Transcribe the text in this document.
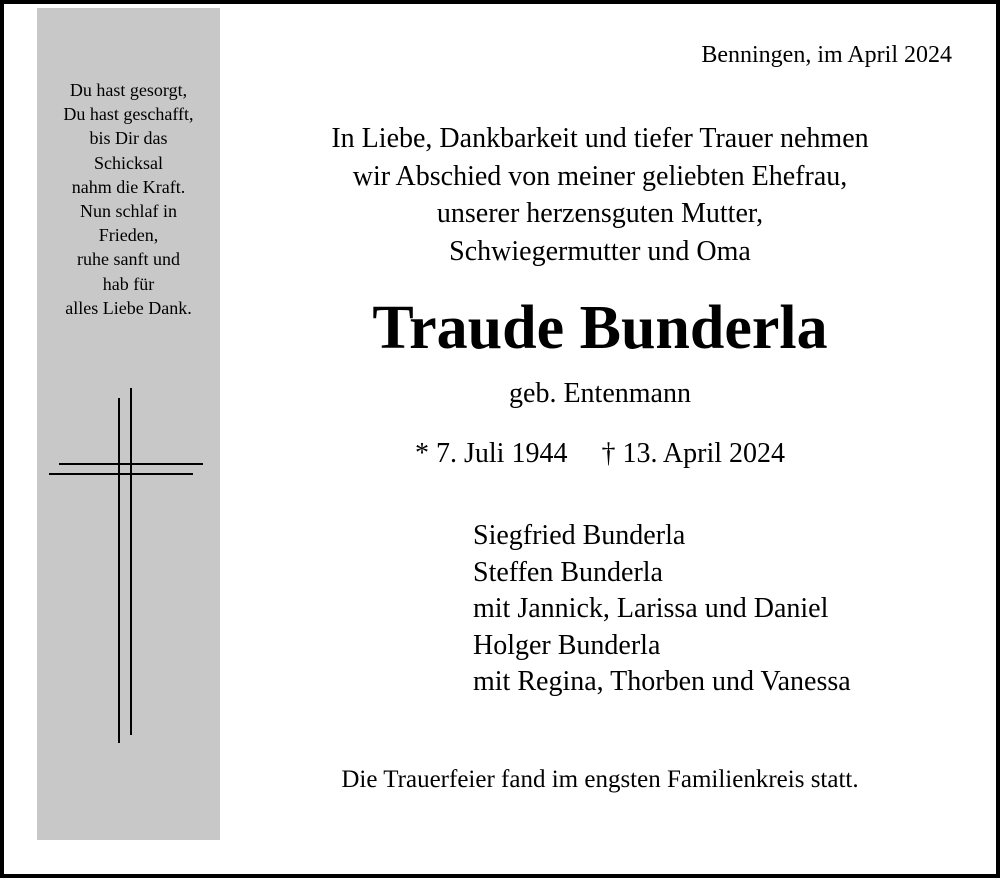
Du hast gesorgt,
Du hast geschafft,
bis Dir das
Schicksal
nahm die Kraft.
Nun schlaf in
Frieden,
ruhe sanft und
hab für
alles Liebe Dank.
Benningen, im April 2024
In Liebe, Dankbarkeit und tiefer Trauer nehmen
wir Abschied von meiner geliebten Ehefrau,
unserer herzensguten Mutter,
Schwiegermutter und Oma
Traude Bunderla
geb. Entenmann
* 7. Juli 1944 † 13. April 2024
Siegfried Bunderla
Steffen Bunderla
mit Jannick, Larissa und Daniel
Holger Bunderla
mit Regina, Thorben und Vanessa
Die Trauerfeier fand im engsten Familienkreis statt.
